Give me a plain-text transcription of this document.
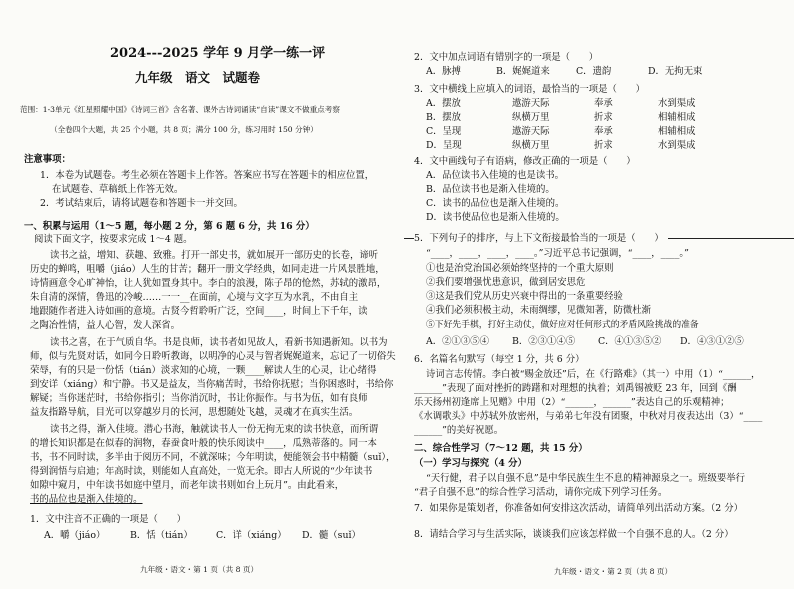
2024---2025 学年 9 月学一练一评
九年级　语文　试题卷
范围：1-3单元《红星照耀中国》《诗词三首》含名著、课外古诗词诵读“自读”课文不做重点考察
（全卷四个大题，共 25 个小题，共 8 页；满分 100 分，练习用时 150 分钟）
注意事项：
1．本卷为试题卷。考生必须在答题卡上作答。答案应书写在答题卡的相应位置，
在试题卷、草稿纸上作答无效。
2．考试结束后，请将试题卷和答题卡一并交回。
一、积累与运用（1～5 题，每小题 2 分，第 6 题 6 分，共 16 分）
阅读下面文字，按要求完成 1～4 题。
读书之益，增知、获趣、致雅。打开一部史书，就如展开一部历史的长卷，谛听
历史的蝉鸣，咀嚼（jiáo）人生的甘苦；翻开一册文学经典，如同走进一片风景胜地，
诗情画意令心旷神怡，让人犹如置身其中。李白的浪漫，陈子昂的怆然，苏轼的激昂，
朱自清的深情，鲁迅的冷峻……一一__在面前，心境与文字互为水乳，不由自主
地跟随作者进入诗如画的意境。古贤今哲聆听广泛，空间____，时间上下千年，读
之陶冶性情，益人心智，发人深省。
读书之喜，在于气质自华。书是良师，读书者如见故人，看新书知遇新知。以书为
师，似与先贤对话，如同今日聆听教诲，以明净的心灵与智者娓娓道来，忘记了一切俗失
荣辱，有的只是一份恬（tián）淡求知的心境，一颗____解读人生的心灵，让心绪得
到安详（xiáng）和宁静。书又是益友，当你痛苦时，书给你抚慰；当你困惑时，书给你
解疑；当你迷茫时，书给你指引；当你消沉时，书让你振作。与书为伍，如有良师
益友指路导航，目光可以穿越岁月的长河，思想随处飞越，灵魂才在真实生活。
读书之得，渐入佳境。潜心书海，触就读书人一份无拘无束的读书快意，而所谓
的增长知识都是在似春的润物，春蚕食叶般的快乐阅读中____，瓜熟蒂落的。同一本
书，书不同时读，多半由于阅历不同，不就深味；今年明读，便能领会书中精髓（suǐ），
得到润悟与启迪；年高时读，则能如人直高处，一览无余。即古人所说的“少年读书
如隙中窥月，中年读书如庭中望月，而老年读书则如台上玩月”。由此看来，
书的品位也是渐入佳境的。
1．文中注音不正确的一项是（　　）
A．嚼（jiáo）	B．恬（tián） C．详（xiáng） D．髓（suǐ）
九年级・语文・第 1 页（共 8 页）
2．文中加点词语有错别字的一项是（　　）
A．脉搏	B．娓娓道来	C．遗韵	D．无拘无束
3．文中横线上应填入的词语，最恰当的一项是（　　）
A．摆放	遨游天际	奉承	水到渠成
B．摆放	纵横万里	折求	相辅相成
C．呈现	遨游天际	奉承	相辅相成
D．呈现	纵横万里	折求	水到渠成
4．文中画线句子有语病，修改正确的一项是（　　）
A．品位读书入佳境的也是读书。
B．品位读书也是渐入佳境的。
C．读书的品位也是渐入佳境的。
D．读书使品位也是渐入佳境的。
5．下列句子的排序，与上下文衔接最恰当的一项是（　　）
“____，____，____，____。”习近平总书记强调，“____，____。”
①也是治党治国必须始终坚持的一个重大原则
②我们要增强忧患意识，做到居安思危
③这是我们党从历史兴衰中得出的一条重要经验
④我们必须积极主动，未雨绸缪，见微知著，防微杜渐
⑤下好先手棋，打好主动仗，做好应对任何形式的矛盾风险挑战的准备
A．②①③⑤④ B．②③①④⑤ C．④①③⑤② D．④③①②⑤
6．名篇名句默写（每空 1 分，共 6 分）
诗词言志传情。李白被“赐金放还”后，在《行路难》（其一）中用（1）“______，
______”表现了面对挫折的踌躇和对理想的执着；刘禹锡被贬 23 年，回到《酬
乐天扬州初逢席上见赠》中用（2）“______，______”表达自己的乐观精神；
《水调歌头》中苏轼外放密州，与弟弟七年没有团聚，中秋对月夜表达出（3）“____
______”的美好祝愿。
二、综合性学习（7～12 题，共 15 分）
（一）学习与探究（4 分）
“天行健，君子以自强不息”是中华民族生生不息的精神源泉之一。班级要举行
“君子自强不息”的综合性学习活动，请你完成下列学习任务。
7．如果你是策划者，你准备如何安排这次活动，请简单列出活动方案。（2 分）
8．请结合学习与生活实际，谈谈我们应该怎样做一个自强不息的人。（2 分）
九年级・语文・第 2 页（共 8 页）
